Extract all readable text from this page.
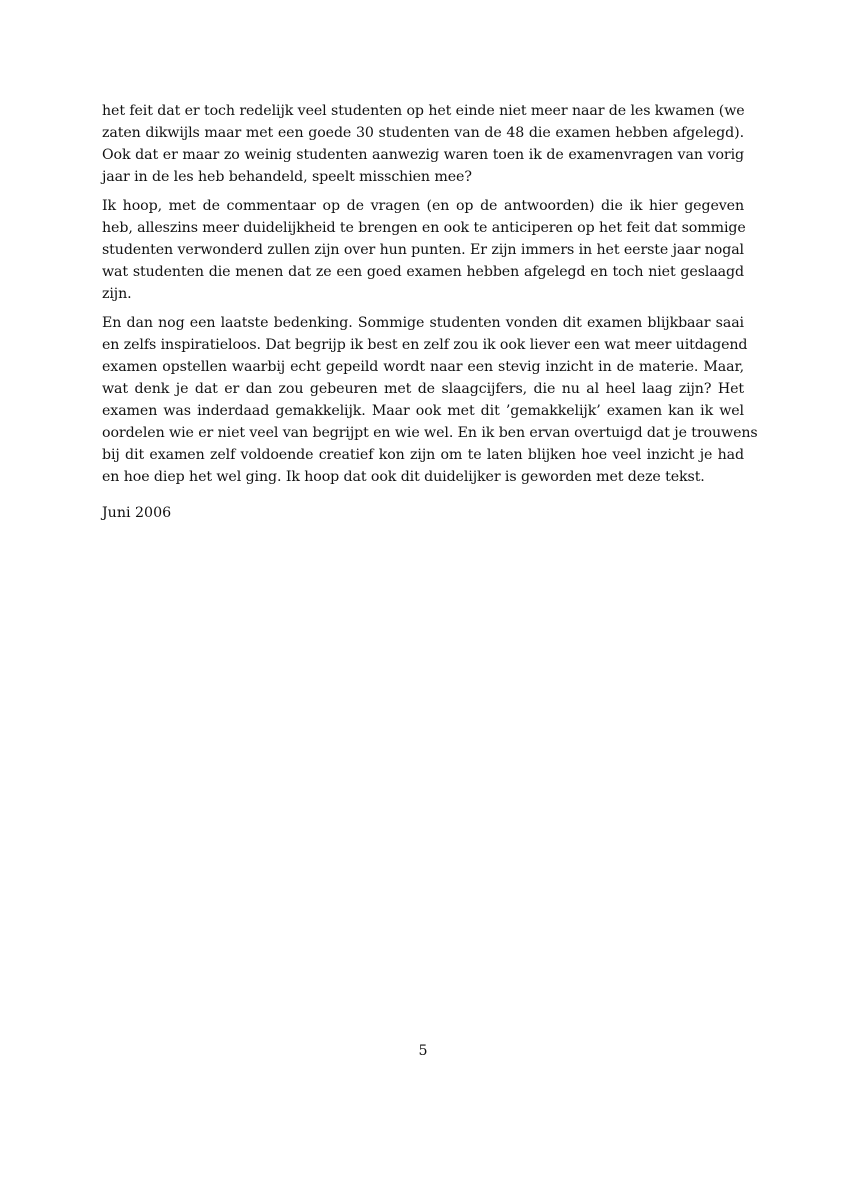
het feit dat er toch redelijk veel studenten op het einde niet meer naar de les kwamen (we
zaten dikwijls maar met een goede 30 studenten van de 48 die examen hebben afgelegd).
Ook dat er maar zo weinig studenten aanwezig waren toen ik de examenvragen van vorig
jaar in de les heb behandeld, speelt misschien mee?

Ik hoop, met de commentaar op de vragen (en op de antwoorden) die ik hier gegeven
heb, alleszins meer duidelijkheid te brengen en ook te anticiperen op het feit dat sommige
studenten verwonderd zullen zijn over hun punten. Er zijn immers in het eerste jaar nogal
wat studenten die menen dat ze een goed examen hebben afgelegd en toch niet geslaagd
zijn.

En dan nog een laatste bedenking. Sommige studenten vonden dit examen blijkbaar saai
en zelfs inspiratieloos. Dat begrijp ik best en zelf zou ik ook liever een wat meer uitdagend
examen opstellen waarbij echt gepeild wordt naar een stevig inzicht in de materie. Maar,
wat denk je dat er dan zou gebeuren met de slaagcijfers, die nu al heel laag zijn? Het
examen was inderdaad gemakkelijk. Maar ook met dit ’gemakkelijk’ examen kan ik wel
oordelen wie er niet veel van begrijpt en wie wel. En ik ben ervan overtuigd dat je trouwens
bij dit examen zelf voldoende creatief kon zijn om te laten blijken hoe veel inzicht je had
en hoe diep het wel ging. Ik hoop dat ook dit duidelijker is geworden met deze tekst.

Juni 2006
5
